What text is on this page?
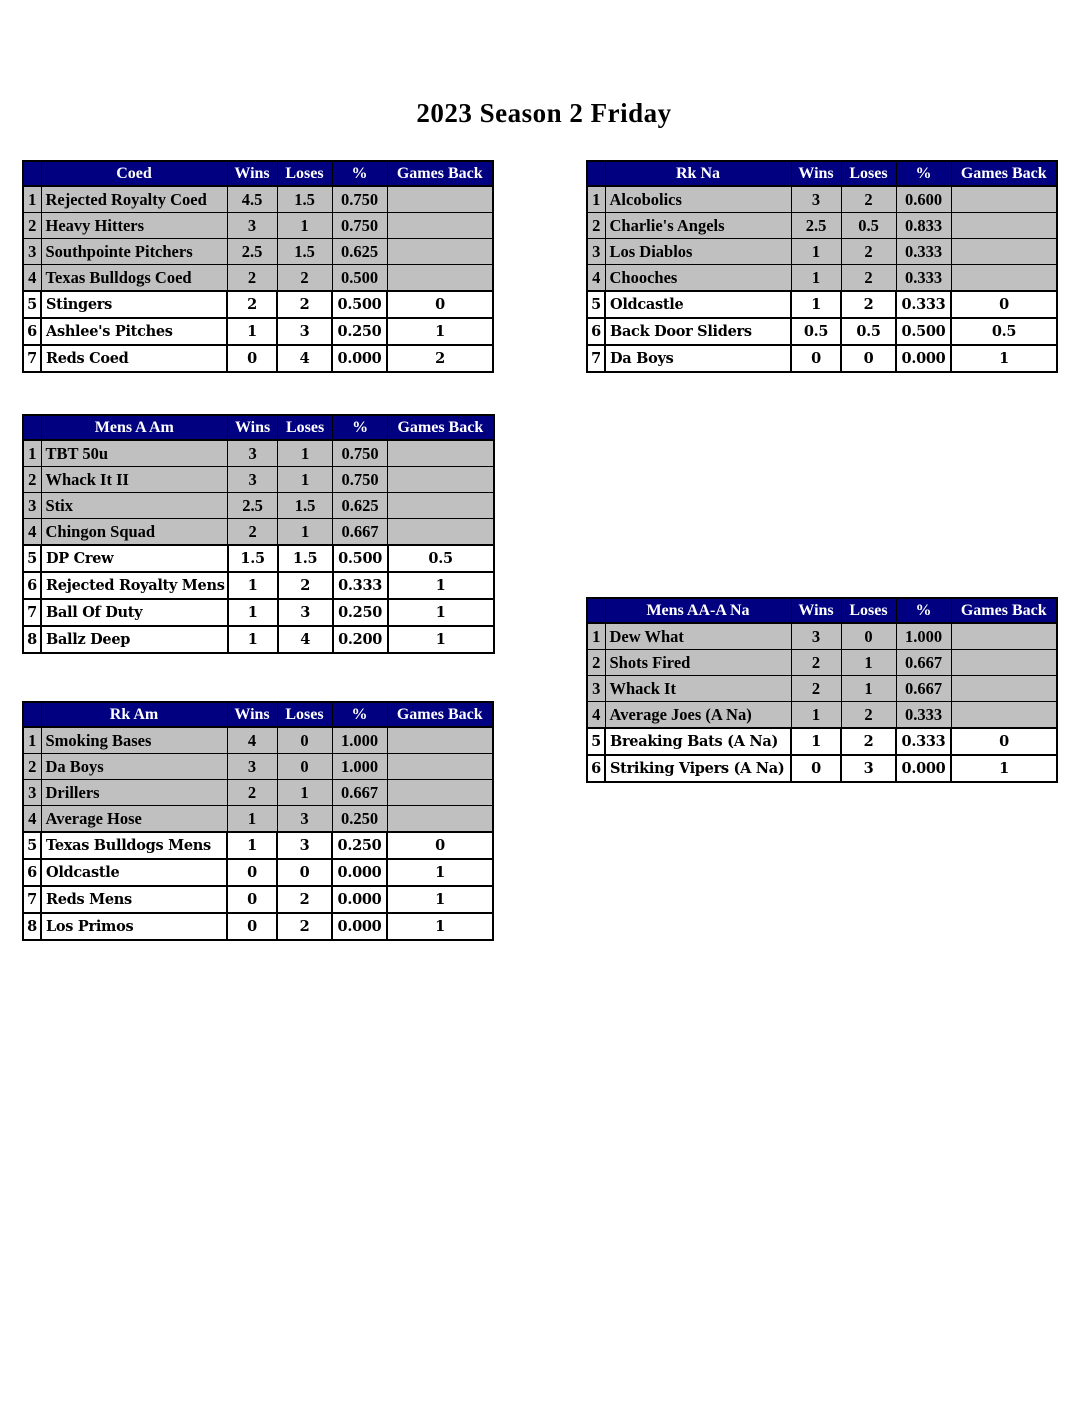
2023 Season 2 Friday
	Coed	Wins	Loses	%	Games Back
1	Rejected Royalty Coed	4.5	1.5	0.750	
2	Heavy Hitters	3	1	0.750	
3	Southpointe Pitchers	2.5	1.5	0.625	
4	Texas Bulldogs Coed	2	2	0.500	
5	Stingers	2	2	0.500	0
6	Ashlee's Pitches	1	3	0.250	1
7	Reds Coed	0	4	0.000	2
	Rk Na	Wins	Loses	%	Games Back
1	Alcobolics	3	2	0.600	
2	Charlie's Angels	2.5	0.5	0.833	
3	Los Diablos	1	2	0.333	
4	Chooches	1	2	0.333	
5	Oldcastle	1	2	0.333	0
6	Back Door Sliders	0.5	0.5	0.500	0.5
7	Da Boys	0	0	0.000	1
	Mens A Am	Wins	Loses	%	Games Back
1	TBT 50u	3	1	0.750	
2	Whack It II	3	1	0.750	
3	Stix	2.5	1.5	0.625	
4	Chingon Squad	2	1	0.667	
5	DP Crew	1.5	1.5	0.500	0.5
6	Rejected Royalty Mens	1	2	0.333	1
7	Ball Of Duty	1	3	0.250	1
8	Ballz Deep	1	4	0.200	1
	Mens AA-A Na	Wins	Loses	%	Games Back
1	Dew What	3	0	1.000	
2	Shots Fired	2	1	0.667	
3	Whack It	2	1	0.667	
4	Average Joes (A Na)	1	2	0.333	
5	Breaking Bats (A Na)	1	2	0.333	0
6	Striking Vipers (A Na)	0	3	0.000	1
	Rk Am	Wins	Loses	%	Games Back
1	Smoking Bases	4	0	1.000	
2	Da Boys	3	0	1.000	
3	Drillers	2	1	0.667	
4	Average Hose	1	3	0.250	
5	Texas Bulldogs Mens	1	3	0.250	0
6	Oldcastle	0	0	0.000	1
7	Reds Mens	0	2	0.000	1
8	Los Primos	0	2	0.000	1
